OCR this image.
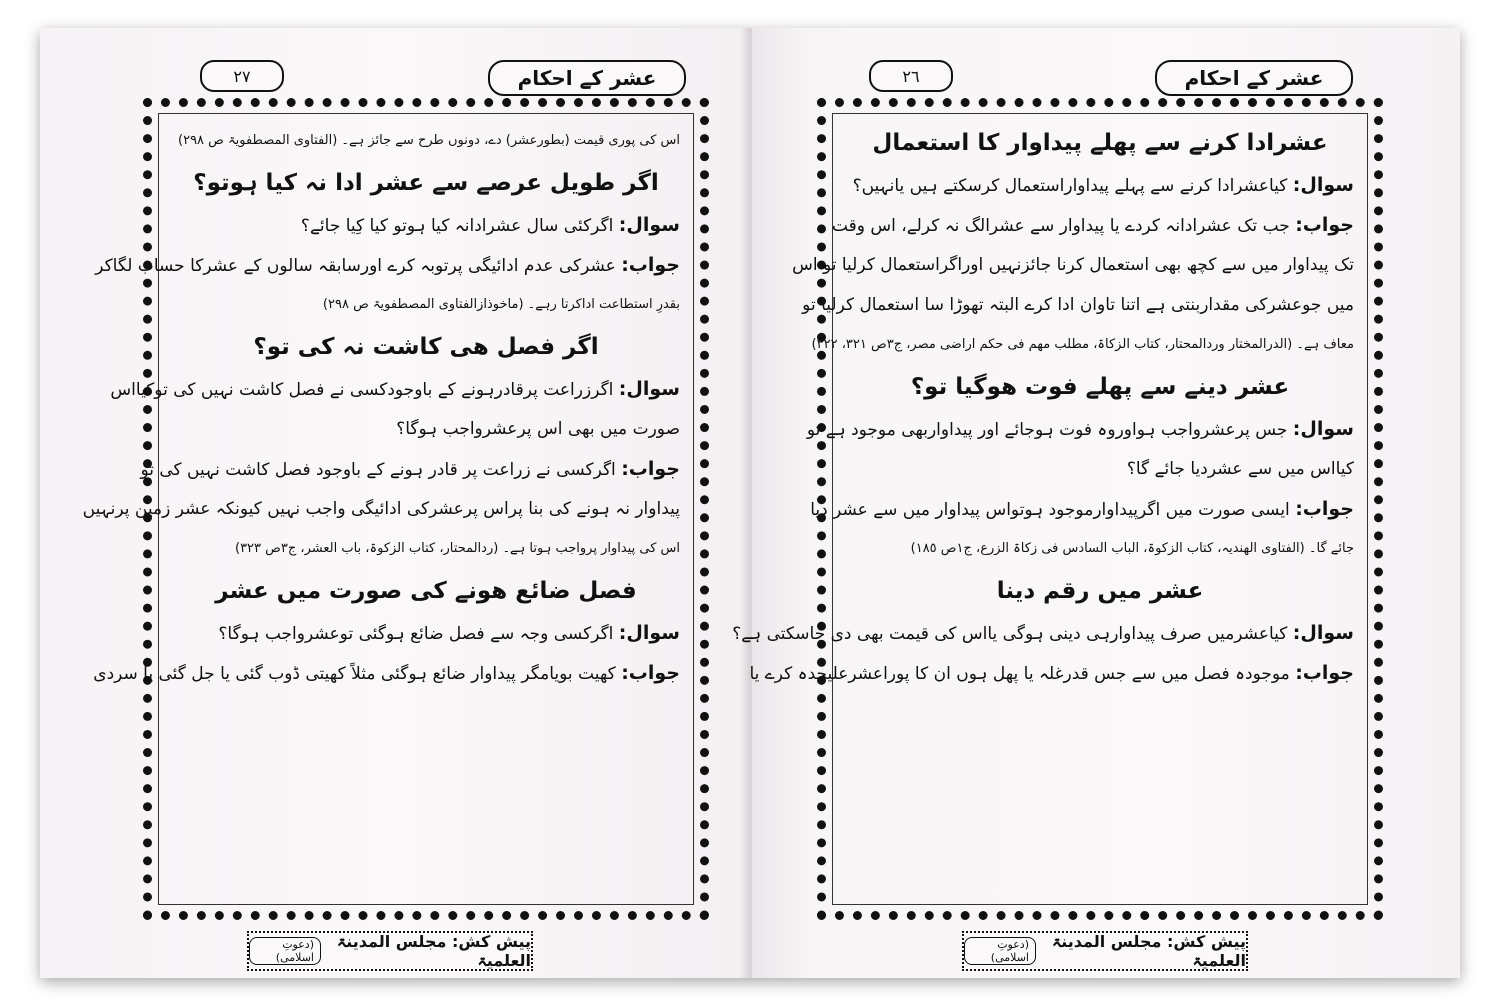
٢٧	عشر کے احکام
اس کی پوری قیمت (بطورعشر) دے، دونوں طرح سے جائز ہے۔ (الفتاوی المصطفویۃ ص ٢٩٨)
اگر طویل عرصے سے عشر ادا نہ کیا ہوتو؟
سوال: اگرکئی سال عشرادانہ کیا ہوتو کیا کِیا جائے؟
جواب: عشرکی عدم ادائیگی پرتوبہ کرے اورسابقہ سالوں کے عشرکا حساب لگاکر
بقدرِ استطاعت اداکرتا رہے۔ (ماخوذازالفتاوی المصطفویۃ ص ٢٩٨)
اگر فصل ھی کاشت نہ کی تو؟
سوال: اگرزراعت پرقادرہونے کے باوجودکسی نے فصل کاشت نہیں کی توکیااس
صورت میں بھی اس پرعشرواجب ہوگا؟
جواب: اگرکسی نے زراعت پر قادر ہونے کے باوجود فصل کاشت نہیں کی تو
پیداوار نہ ہونے کی بنا پراس پرعشرکی ادائیگی واجب نہیں کیونکہ عشر زمین پرنہیں
اس کی پیداوار پرواجب ہوتا ہے۔ (ردالمحتار، کتاب الزکوۃ، باب العشر، ج٣ص ٣٢٣)
فصل ضائع ھونے کی صورت میں عشر
سوال: اگرکسی وجہ سے فصل ضائع ہوگئی توعشرواجب ہوگا؟
جواب: کھیت بویامگر پیداوار ضائع ہوگئی مثلاً کھیتی ڈوب گئی یا جل گئی یا سردی
پیش کش: مجلس المدینۃ العلمیۃ
(دعوتِ اسلامی)
٢٦	عشر کے احکام
عشرادا کرنے سے پھلے پیداوار کا استعمال
سوال: کیاعشرادا کرنے سے پہلے پیداواراستعمال کرسکتے ہیں یانہیں؟
جواب: جب تک عشرادانہ کردے یا پیداوار سے عشرالگ نہ کرلے، اس وقت
تک پیداوار میں سے کچھ بھی استعمال کرنا جائزنہیں اوراگراستعمال کرلیا تو اس
میں جوعشرکی مقداربنتی ہے اتنا تاوان ادا کرے البتہ تھوڑا سا استعمال کرلیا تو
معاف ہے۔ (الدرالمختار وردالمحتار، کتاب الزکاۃ، مطلب مھم فی حکم اراضی مصر، ج٣ص ٣٢١، ٣٢٢)
عشر دینے سے پھلے فوت ھوگیا تو؟
سوال: جس پرعشرواجب ہواوروہ فوت ہوجائے اور پیداواربھی موجود ہے تو
کیااس میں سے عشردیا جائے گا؟
جواب: ایسی صورت میں اگرپیداوارموجود ہوتواس پیداوار میں سے عشر دیا
جائے گا۔ (الفتاوی الھندیہ، کتاب الزکوۃ، الباب السادس فی زکاۃ الزرع، ج١ص ١٨٥)
عشر میں رقم دینا
سوال: کیاعشرمیں صرف پیداوارہی دینی ہوگی یااس کی قیمت بھی دی جاسکتی ہے؟
جواب: موجودہ فصل میں سے جس قدرغلہ یا پھل ہوں ان کا پوراعشرعلیحدہ کرے یا
پیش کش: مجلس المدینۃ العلمیۃ
(دعوتِ اسلامی)
